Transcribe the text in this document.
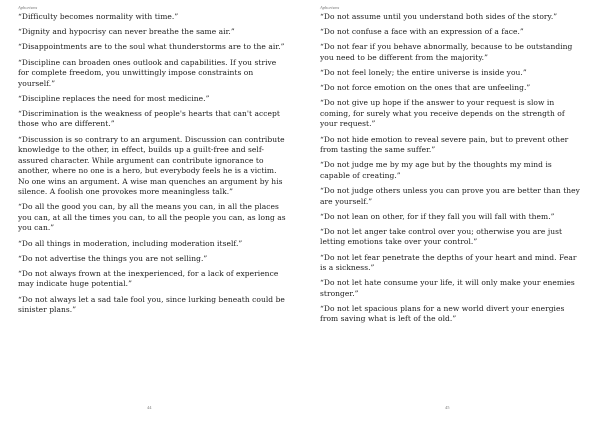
Aphorisms
“Difficulty becomes normality with time.”
“Dignity and hypocrisy can never breathe the same air.”
“Disappointments are to the soul what thunderstorms are to the air.”
“Discipline can broaden ones outlook and capabilities. If you strive for complete freedom, you unwittingly impose constraints on yourself.”
“Discipline replaces the need for most medicine.”
“Discrimination is the weakness of people's hearts that can't accept those who are different.”
“Discussion is so contrary to an argument. Discussion can contribute knowledge to the other, in effect, builds up a guilt-free and self-assured character. While argument can contribute ignorance to another, where no one is a hero, but everybody feels he is a victim. No one wins an argument. A wise man quenches an argument by his silence. A foolish one provokes more meaningless talk.”
“Do all the good you can, by all the means you can, in all the places you can, at all the times you can, to all the people you can, as long as you can.”
“Do all things in moderation, including moderation itself.”
“Do not advertise the things you are not selling.”
“Do not always frown at the inexperienced, for a lack of experience may indicate huge potential.”
“Do not always let a sad tale fool you, since lurking beneath could be sinister plans.”
44
Aphorisms
“Do not assume until you understand both sides of the story.”
“Do not confuse a face with an expression of a face.”
“Do not fear if you behave abnormally, because to be outstanding you need to be different from the majority.”
“Do not feel lonely; the entire universe is inside you.”
“Do not force emotion on the ones that are unfeeling.”
“Do not give up hope if the answer to your request is slow in coming, for surely what you receive depends on the strength of your request.”
“Do not hide emotion to reveal severe pain, but to prevent other from tasting the same suffer.”
“Do not judge me by my age but by the thoughts my mind is capable of creating.”
“Do not judge others unless you can prove you are better than they are yourself.”
“Do not lean on other, for if they fall you will fall with them.”
“Do not let anger take control over you; otherwise you are just letting emotions take over your control.”
“Do not let fear penetrate the depths of your heart and mind. Fear is a sickness.”
“Do not let hate consume your life, it will only make your enemies stronger.”
“Do not let spacious plans for a new world divert your energies from saving what is left of the old.”
45
